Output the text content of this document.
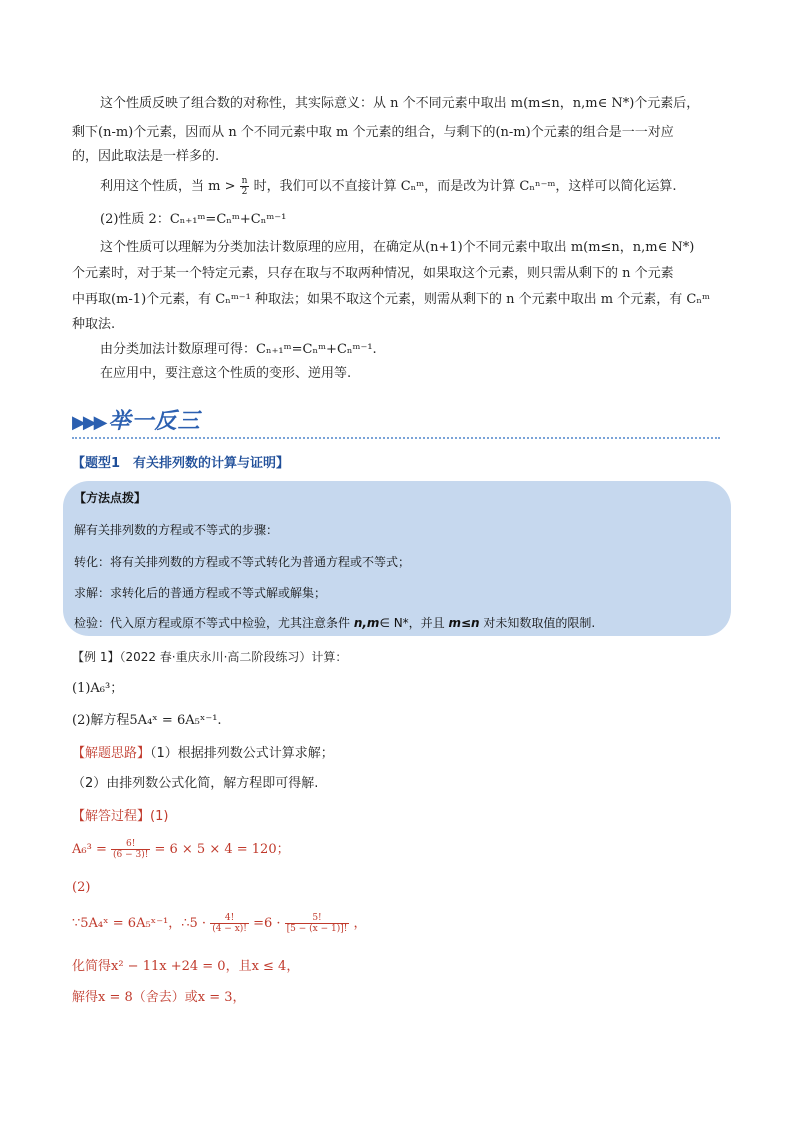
这个性质反映了组合数的对称性，其实际意义：从 n 个不同元素中取出 m(m≤n，n,m∈ N*)个元素后，
剩下(n-m)个元素，因而从 n 个不同元素中取 m 个元素的组合，与剩下的(n-m)个元素的组合是一一对应
的，因此取法是一样多的.
利用这个性质，当 $m > \frac{n}{2}$ 时，我们可以不直接计算 Cₙᵐ，而是改为计算 Cₙⁿ⁻ᵐ，这样可以简化运算.
(2)性质 2：Cₙ₊₁ᵐ=Cₙᵐ+Cₙᵐ⁻¹
这个性质可以理解为分类加法计数原理的应用，在确定从(n+1)个不同元素中取出 m(m≤n，n,m∈ N*)
个元素时，对于某一个特定元素，只存在取与不取两种情况，如果取这个元素，则只需从剩下的 n 个元素
中再取(m-1)个元素，有 Cₙᵐ⁻¹ 种取法；如果不取这个元素，则需从剩下的 n 个元素中取出 m 个元素，有 Cₙᵐ
种取法.
由分类加法计数原理可得：Cₙ₊₁ᵐ=Cₙᵐ+Cₙᵐ⁻¹.
在应用中，要注意这个性质的变形、逆用等.
▶▶▶ 举一反三
【题型1　有关排列数的计算与证明】
【方法点拨】
解有关排列数的方程或不等式的步骤：
转化：将有关排列数的方程或不等式转化为普通方程或不等式；
求解：求转化后的普通方程或不等式解或解集；
检验：代入原方程或原不等式中检验，尤其注意条件 n,m∈ N*，并且 m≤n 对未知数取值的限制.
【例 1】（2022 春·重庆永川·高二阶段练习）计算：
(1)A₆³；
(2)解方程5A₄ˣ = 6A₅ˣ⁻¹.
【解题思路】（1）根据排列数公式计算求解；
（2）由排列数公式化简，解方程即可得解.
【解答过程】(1)
$A_6^3 = \frac{6!}{(6 - 3)!} = 6 \times 5 \times 4 = 120$；
(2)
∵5A₄ˣ = 6A₅ˣ⁻¹，∴5 · $\frac{4!}{(4 - x)!} =6 \cdot \frac{5!}{[5 - (x - 1)]!}$ ，
化简得x² − 11x +24 = 0，且x ≤ 4，
解得x = 8（舍去）或x = 3，
